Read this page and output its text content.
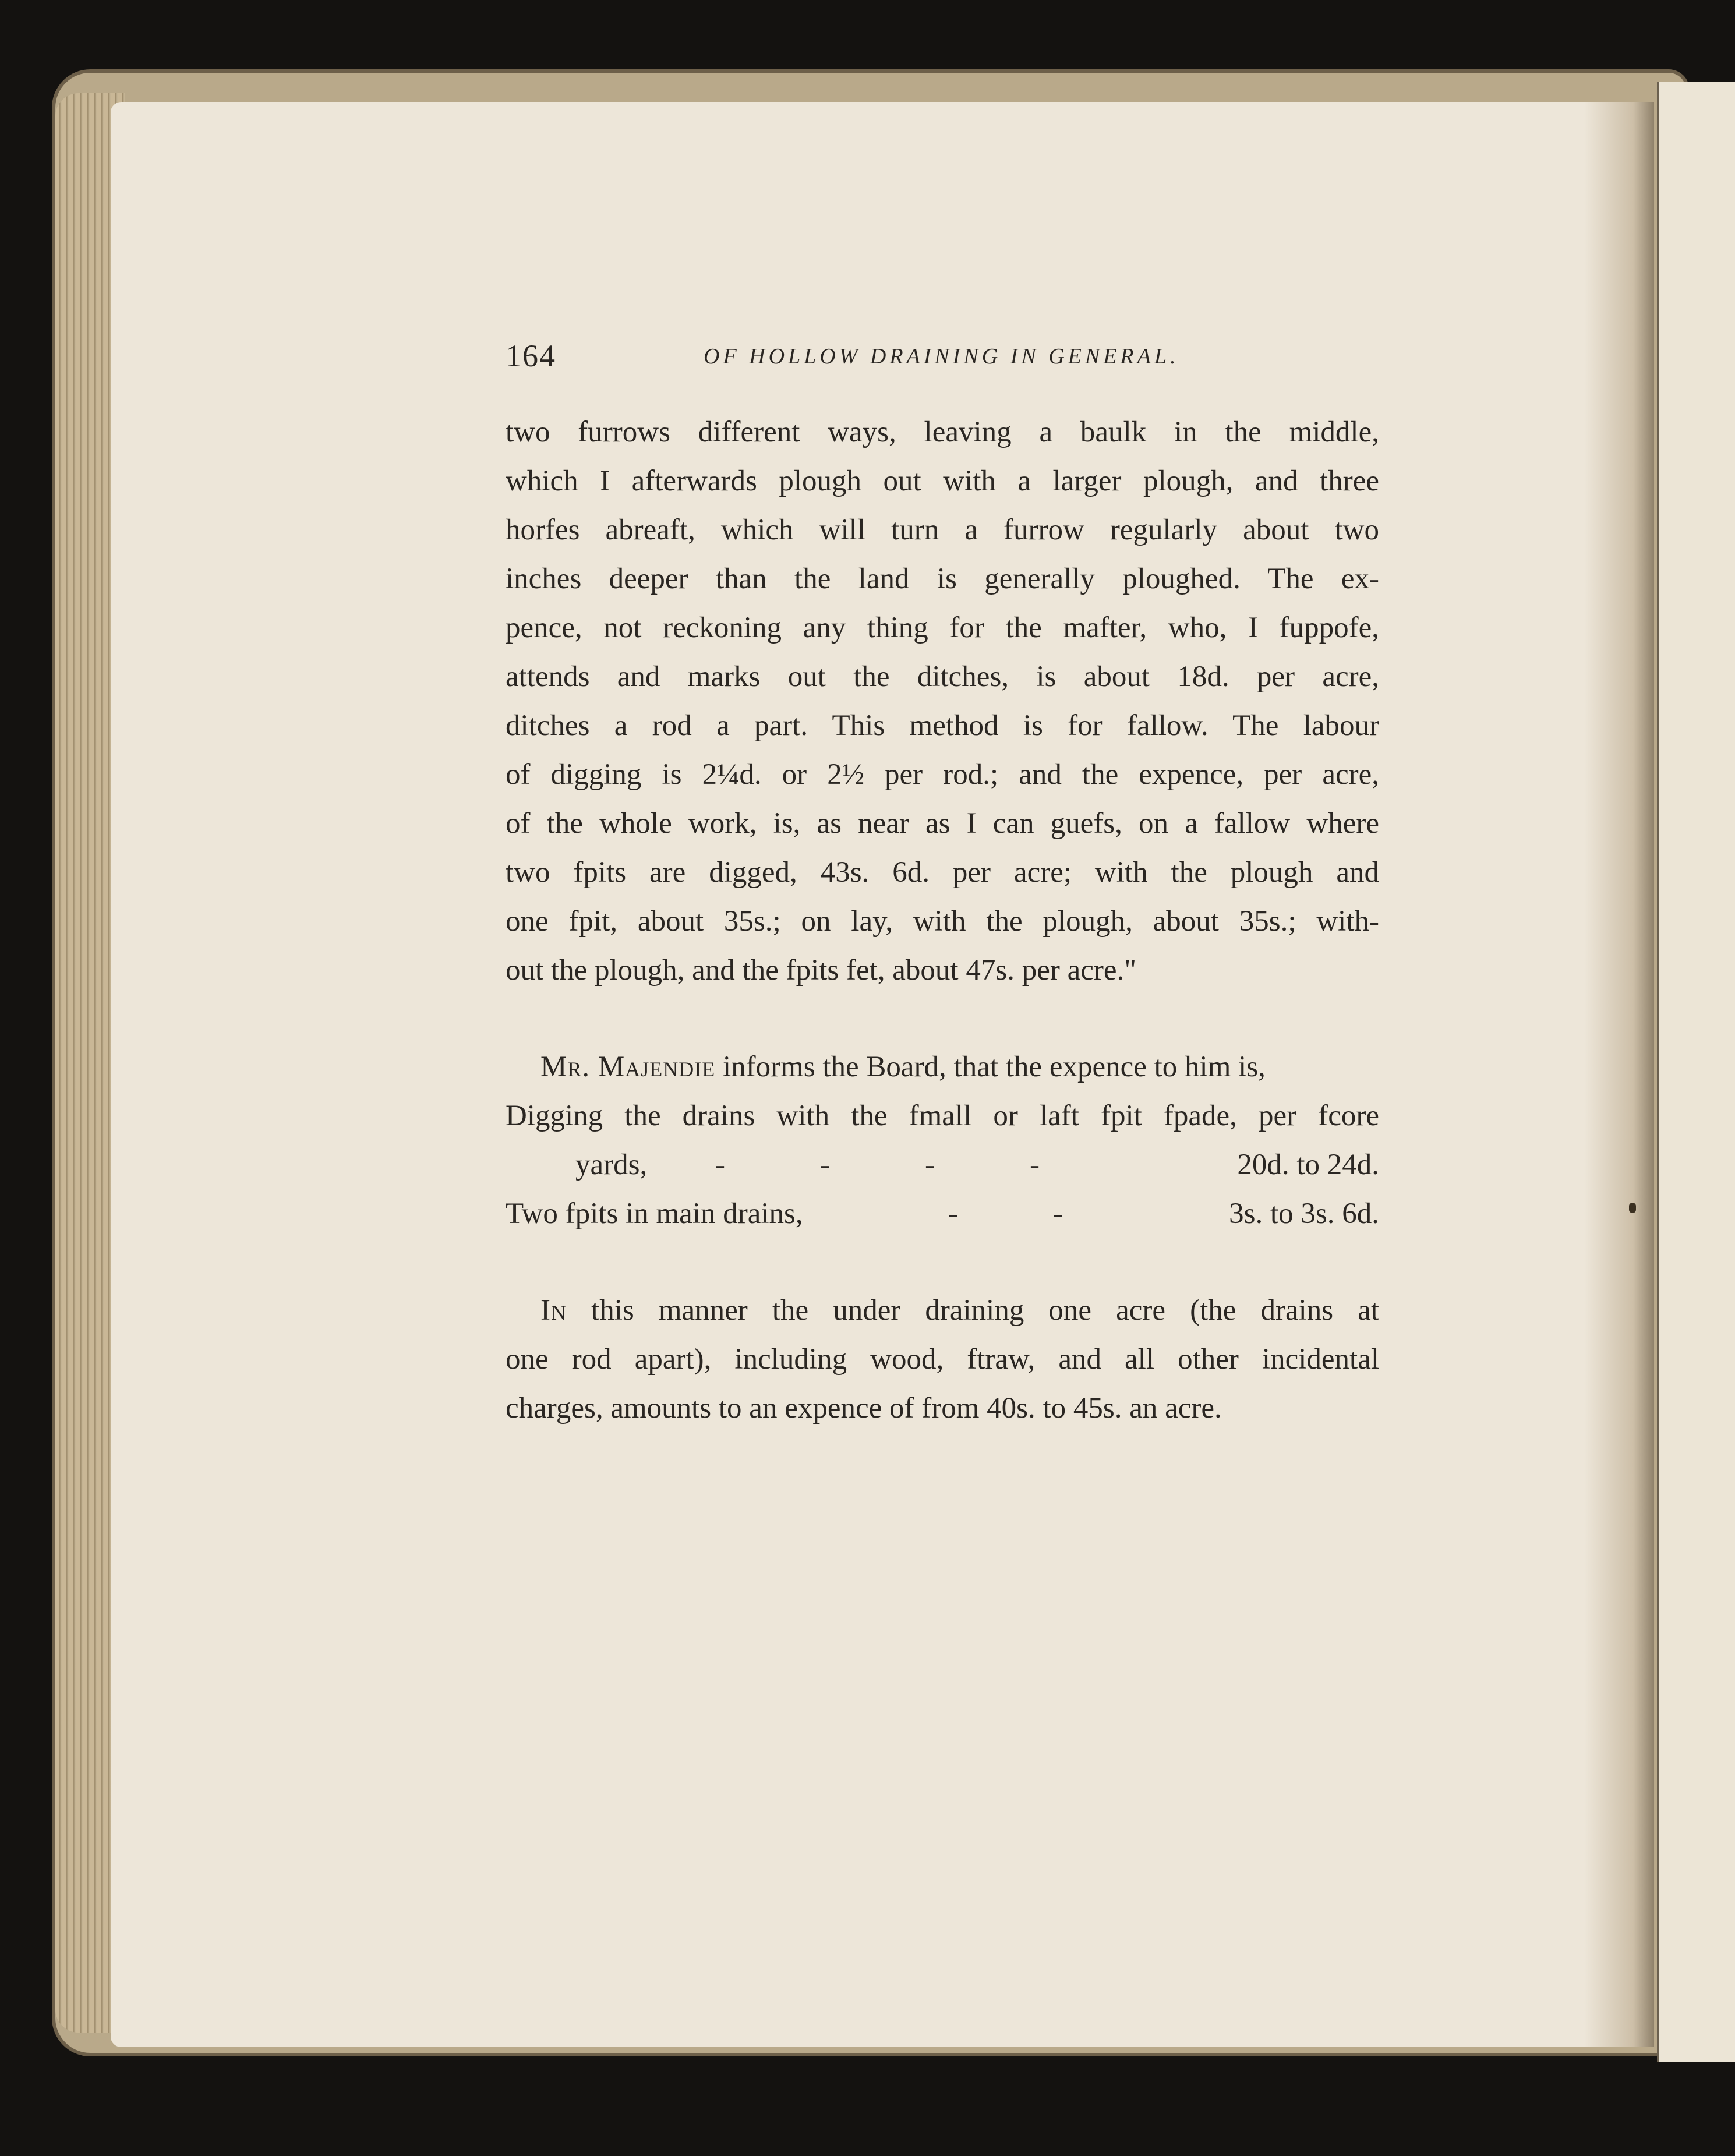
164	OF HOLLOW DRAINING IN GENERAL.
two furrows different ways, leaving a baulk in the middle,
which I afterwards plough out with a larger plough, and three
horfes abreaft, which will turn a furrow regularly about two
inches deeper than the land is generally ploughed. The ex-
pence, not reckoning any thing for the mafter, who, I fuppofe,
attends and marks out the ditches, is about 18d. per acre,
ditches a rod a part. This method is for fallow. The labour
of digging is 2¼d. or 2½ per rod.; and the expence, per acre,
of the whole work, is, as near as I can guefs, on a fallow where
two fpits are digged, 43s. 6d. per acre; with the plough and
one fpit, about 35s.; on lay, with the plough, about 35s.; with-
out the plough, and the fpits fet, about 47s. per acre."
Mr. Majendie informs the Board, that the expence to him is,
Digging the drains with the fmall or laft fpit fpade, per fcore
yards, -	-	-	-	20d. to 24d.
Two fpits in main drains,	-	-	3s. to 3s. 6d.
In this manner the under draining one acre (the drains at
one rod apart), including wood, ftraw, and all other incidental
charges, amounts to an expence of from 40s. to 45s. an acre.
